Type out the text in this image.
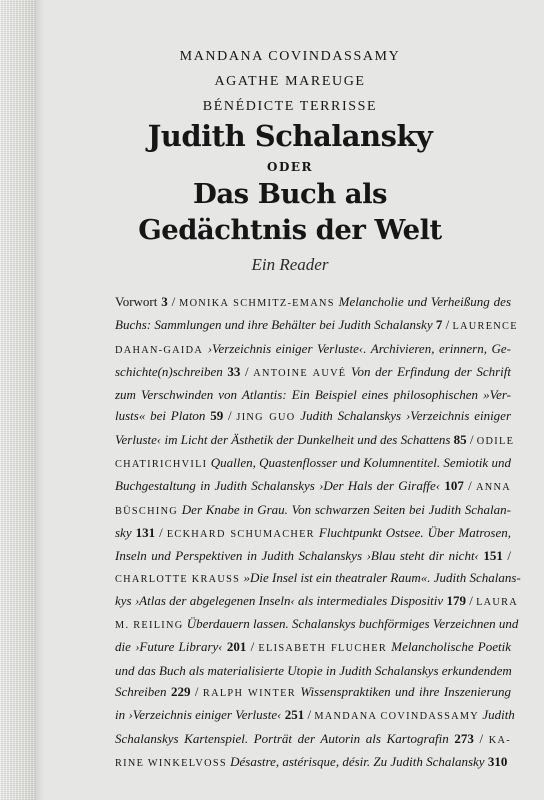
MANDANA COVINDASSAMY
AGATHE MAREUGE
BÉNÉDICTE TERRISSE
Judith Schalansky
ODER
Das Buch als
Gedächtnis der Welt
Ein Reader
Vorwort 3 / MONIKA SCHMITZ-EMANS Melancholie und Verheißung des
Buchs: Sammlungen und ihre Behälter bei Judith Schalansky 7 / LAURENCE
DAHAN-GAIDA ›Verzeichnis einiger Verluste‹. Archivieren, erinnern, Ge-
schichte(n)schreiben 33 / ANTOINE AUVÉ Von der Erfindung der Schrift
zum Verschwinden von Atlantis: Ein Beispiel eines philosophischen »Ver-
lusts« bei Platon 59 / JING GUO Judith Schalanskys ›Verzeichnis einiger
Verluste‹ im Licht der Ästhetik der Dunkelheit und des Schattens 85 / ODILE
CHATIRICHVILI Quallen, Quastenflosser und Kolumnentitel. Semiotik und
Buchgestaltung in Judith Schalanskys ›Der Hals der Giraffe‹ 107 / ANNA
BÜSCHING Der Knabe in Grau. Von schwarzen Seiten bei Judith Schalan-
sky 131 / ECKHARD SCHUMACHER Fluchtpunkt Ostsee. Über Matrosen,
Inseln und Perspektiven in Judith Schalanskys ›Blau steht dir nicht‹ 151 /
CHARLOTTE KRAUSS »Die Insel ist ein theatraler Raum«. Judith Schalans-
kys ›Atlas der abgelegenen Inseln‹ als intermediales Dispositiv 179 / LAURA
M. REILING Überdauern lassen. Schalanskys buchförmiges Verzeichnen und
die ›Future Library‹ 201 / ELISABETH FLUCHER Melancholische Poetik
und das Buch als materialisierte Utopie in Judith Schalanskys erkundendem
Schreiben 229 / RALPH WINTER Wissenspraktiken und ihre Inszenierung
in ›Verzeichnis einiger Verluste‹ 251 / MANDANA COVINDASSAMY Judith
Schalanskys Kartenspiel. Porträt der Autorin als Kartografin 273 / KA-
RINE WINKELVOSS Désastre, astérisque, désir. Zu Judith Schalansky 310
